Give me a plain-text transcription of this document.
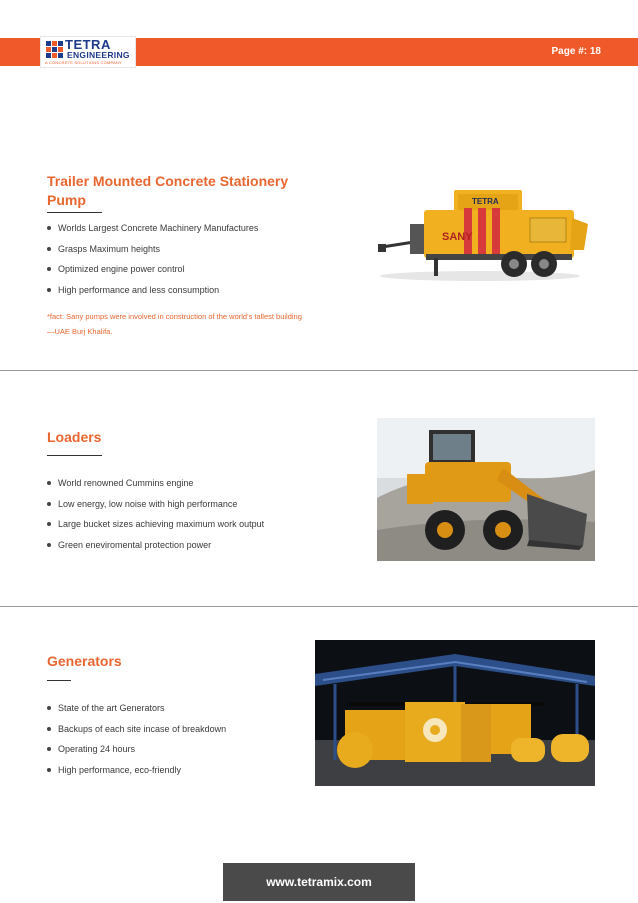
TETRA
ENGINEERING
A CONCRETE SOLUTIONS COMPANY
Page #: 18
Trailer Mounted Concrete Stationery Pump
Worlds Largest Concrete Machinery Manufactures
Grasps Maximum heights
Optimized engine power control
High performance and less consumption
*fact: Sany pumps were involved in construction of the world's tallest building—UAE Burj Khalifa.
SANY
TETRA
Loaders
World renowned Cummins engine
Low energy, low noise with high performance
Large bucket sizes achieving maximum work output
Green eneviromental protection power
Generators
State of the art Generators
Backups of each site incase of breakdown
Operating 24 hours
High performance, eco-friendly
www.tetramix.com
